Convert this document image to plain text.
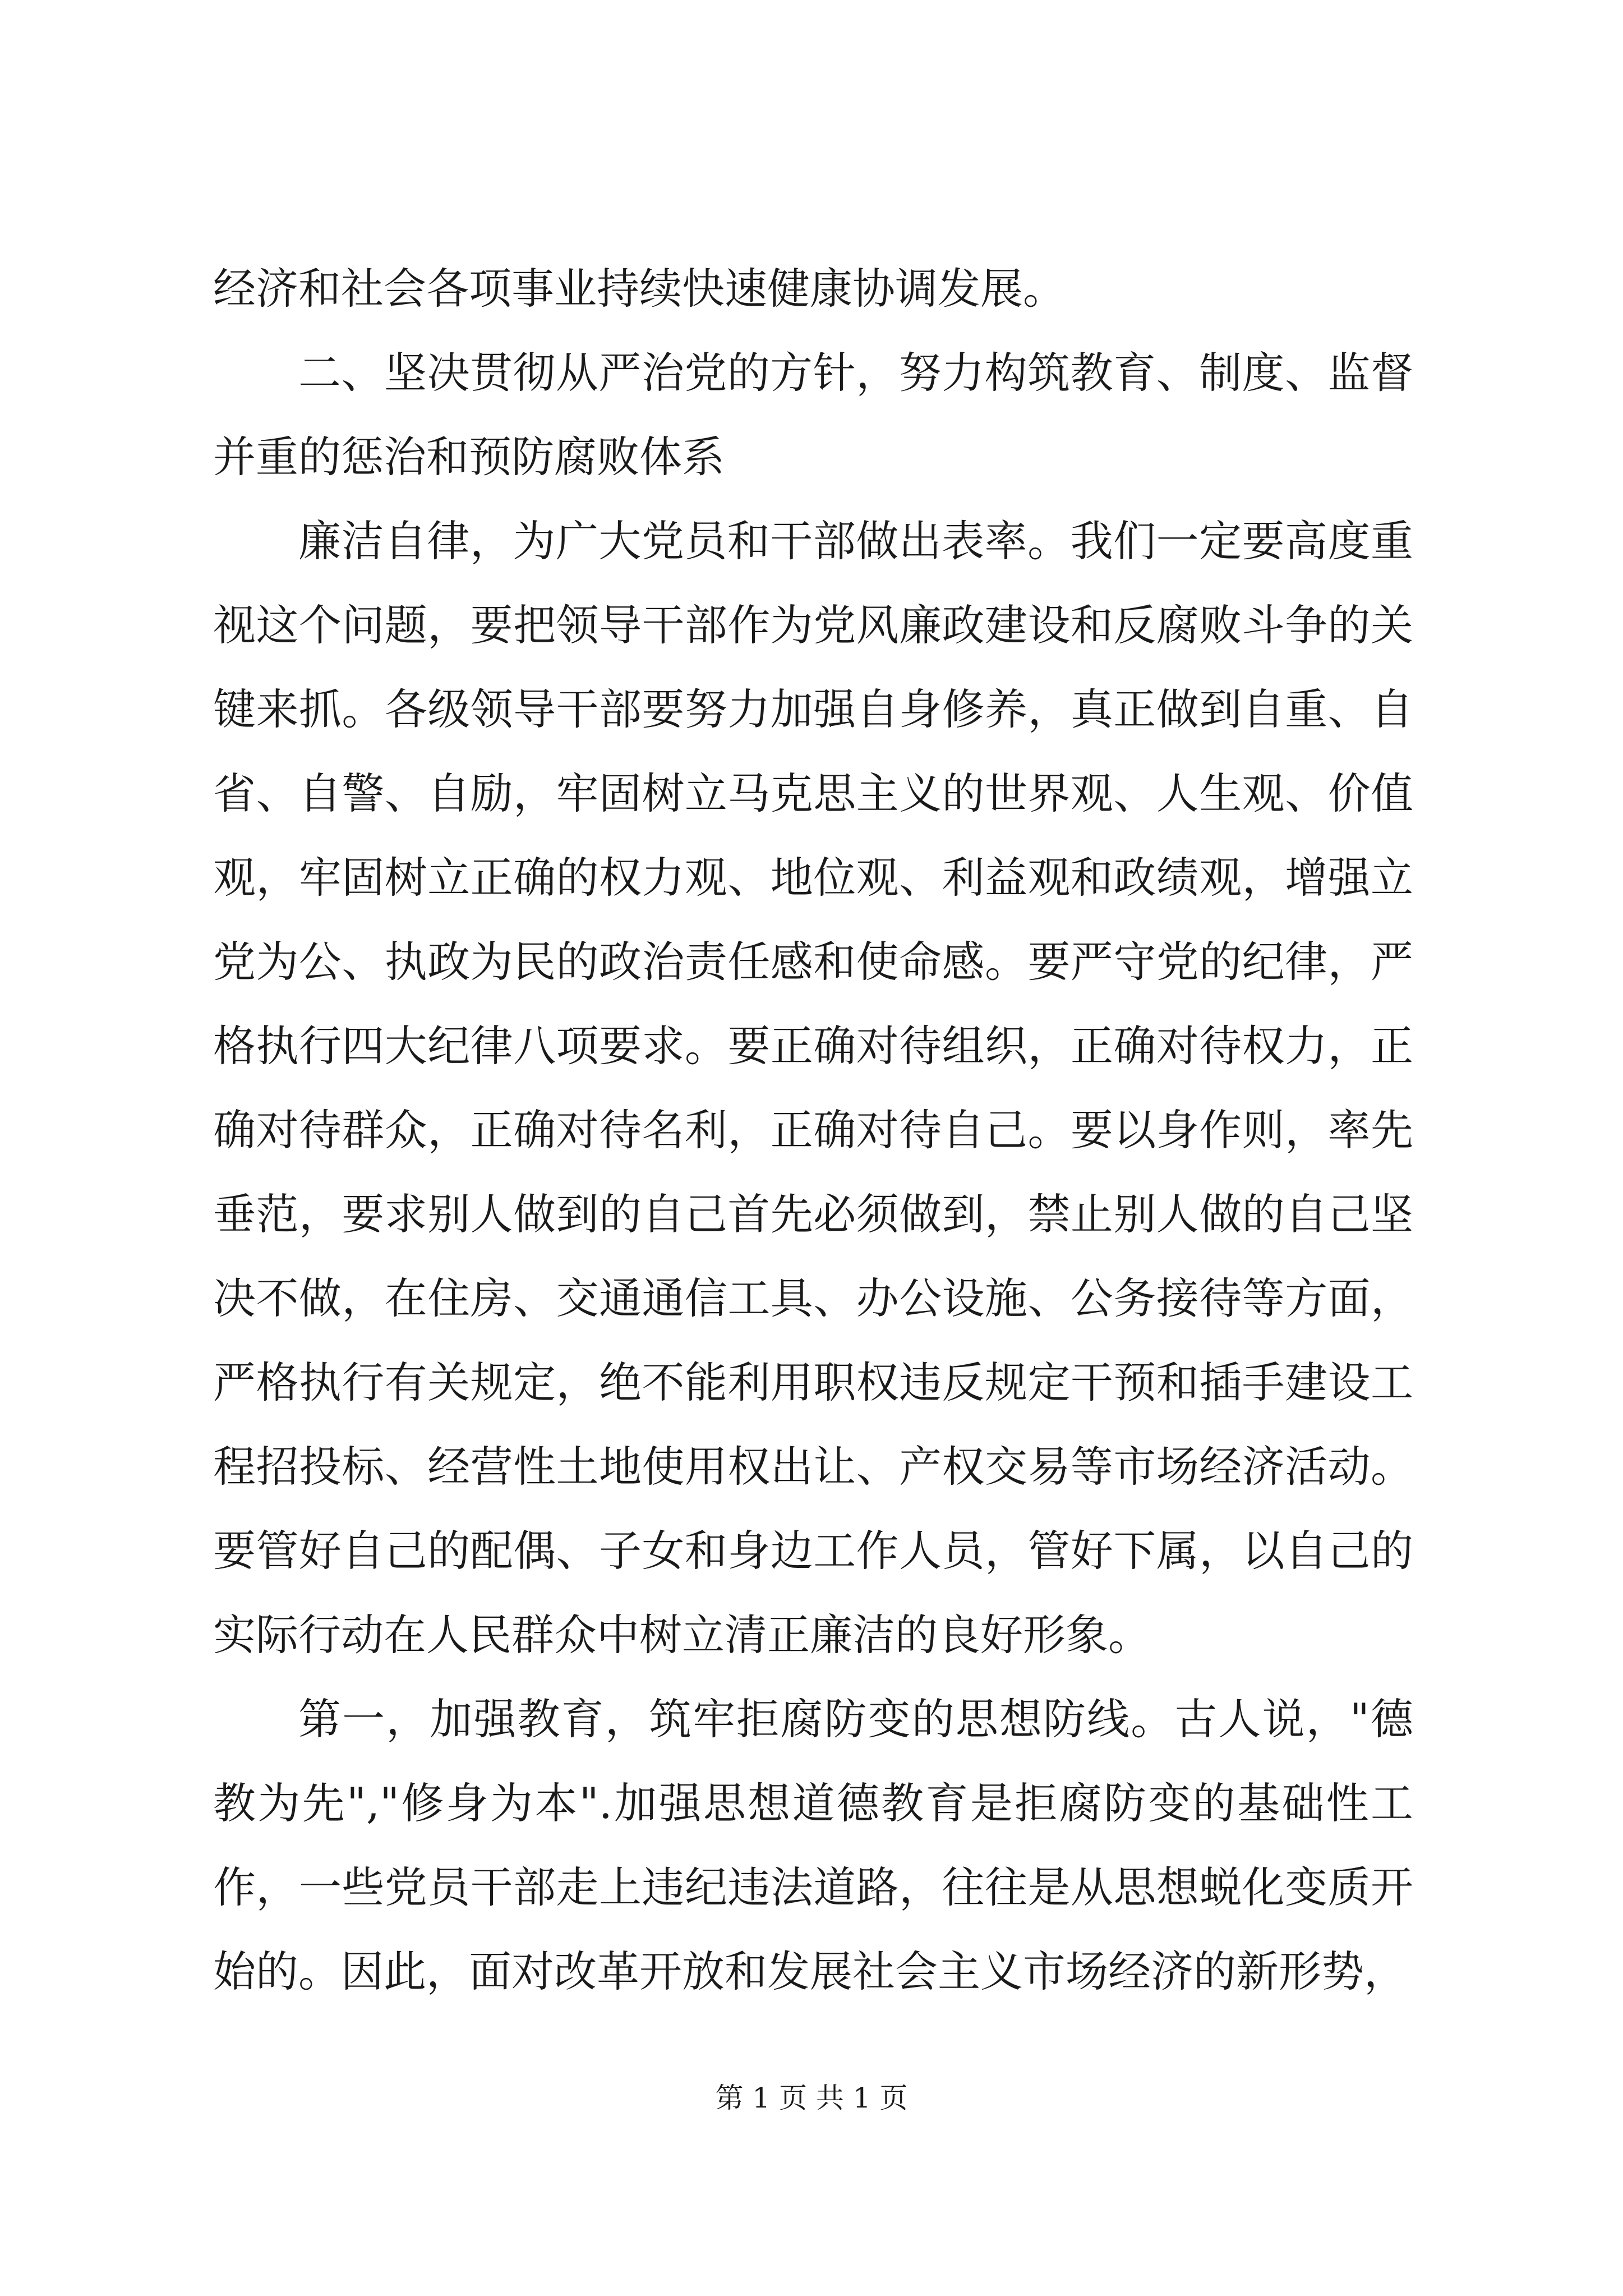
经济和社会各项事业持续快速健康协调发展。

二、坚决贯彻从严治党的方针，努力构筑教育、制度、监督并重的惩治和预防腐败体系

廉洁自律，为广大党员和干部做出表率。我们一定要高度重视这个问题，要把领导干部作为党风廉政建设和反腐败斗争的关键来抓。各级领导干部要努力加强自身修养，真正做到自重、自省、自警、自励，牢固树立马克思主义的世界观、人生观、价值观，牢固树立正确的权力观、地位观、利益观和政绩观，增强立党为公、执政为民的政治责任感和使命感。要严守党的纪律，严格执行四大纪律八项要求。要正确对待组织，正确对待权力，正确对待群众，正确对待名利，正确对待自己。要以身作则，率先垂范，要求别人做到的自己首先必须做到，禁止别人做的自己坚决不做，在住房、交通通信工具、办公设施、公务接待等方面，严格执行有关规定，绝不能利用职权违反规定干预和插手建设工程招投标、经营性土地使用权出让、产权交易等市场经济活动。要管好自己的配偶、子女和身边工作人员，管好下属，以自己的实际行动在人民群众中树立清正廉洁的良好形象。

第一，加强教育，筑牢拒腐防变的思想防线。古人说，"德教为先","修身为本".加强思想道德教育是拒腐防变的基础性工作，一些党员干部走上违纪违法道路，往往是从思想蜕化变质开始的。因此，面对改革开放和发展社会主义市场经济的新形势，

第 1 页 共 1 页
